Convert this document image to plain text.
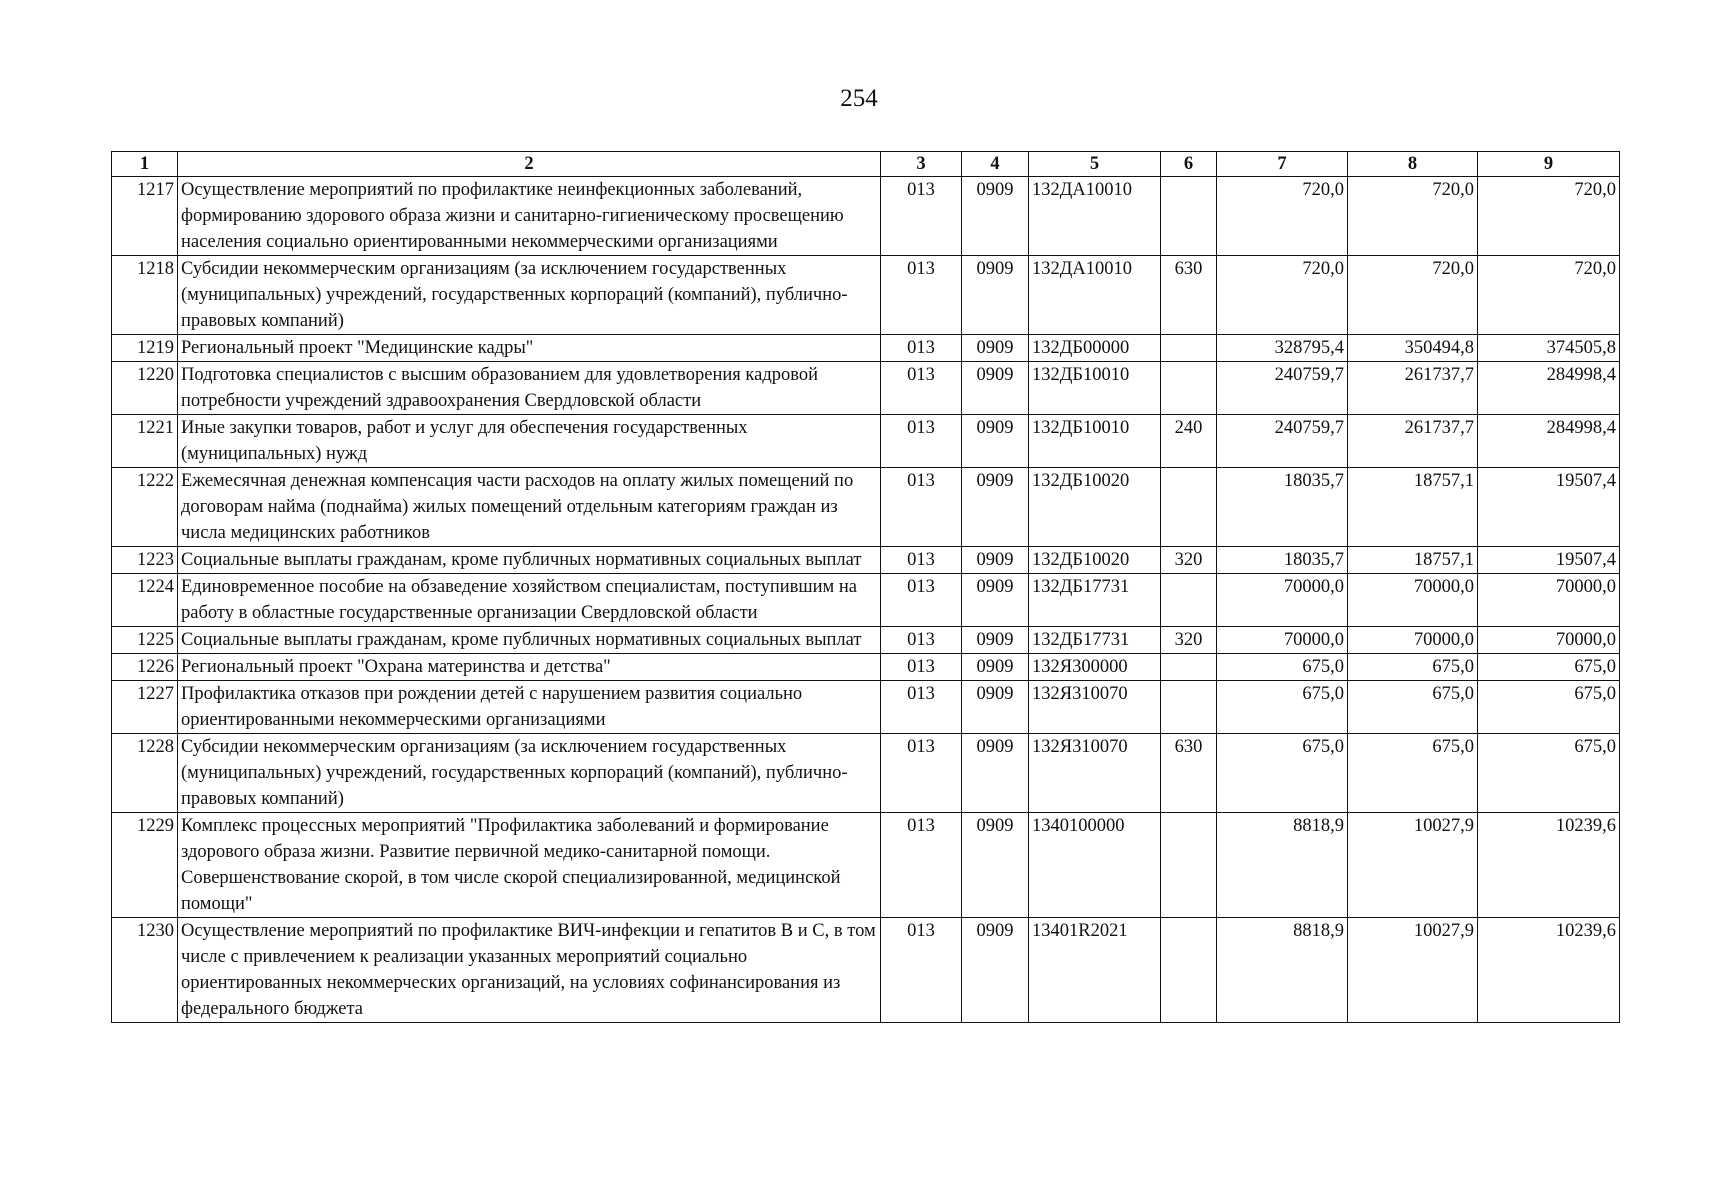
254
1	2	3	4	5	6	7	8	9
1217	Осуществление мероприятий по профилактике неинфекционных заболеваний, формированию здорового образа жизни и санитарно-гигиеническому просвещению населения социально ориентированными некоммерческими организациями	013	0909	132ДА10010		720,0	720,0	720,0
1218	Субсидии некоммерческим организациям (за исключением государственных (муниципальных) учреждений, государственных корпораций (компаний), публично-правовых компаний)	013	0909	132ДА10010	630	720,0	720,0	720,0
1219	Региональный проект "Медицинские кадры"	013	0909	132ДБ00000		328795,4	350494,8	374505,8
1220	Подготовка специалистов с высшим образованием для удовлетворения кадровой потребности учреждений здравоохранения Свердловской области	013	0909	132ДБ10010		240759,7	261737,7	284998,4
1221	Иные закупки товаров, работ и услуг для обеспечения государственных (муниципальных) нужд	013	0909	132ДБ10010	240	240759,7	261737,7	284998,4
1222	Ежемесячная денежная компенсация части расходов на оплату жилых помещений по договорам найма (поднайма) жилых помещений отдельным категориям граждан из числа медицинских работников	013	0909	132ДБ10020		18035,7	18757,1	19507,4
1223	Социальные выплаты гражданам, кроме публичных нормативных социальных выплат	013	0909	132ДБ10020	320	18035,7	18757,1	19507,4
1224	Единовременное пособие на обзаведение хозяйством специалистам, поступившим на работу в областные государственные организации Свердловской области	013	0909	132ДБ17731		70000,0	70000,0	70000,0
1225	Социальные выплаты гражданам, кроме публичных нормативных социальных выплат	013	0909	132ДБ17731	320	70000,0	70000,0	70000,0
1226	Региональный проект "Охрана материнства и детства"	013	0909	132Я300000		675,0	675,0	675,0
1227	Профилактика отказов при рождении детей с нарушением развития социально ориентированными некоммерческими организациями	013	0909	132Я310070		675,0	675,0	675,0
1228	Субсидии некоммерческим организациям (за исключением государственных (муниципальных) учреждений, государственных корпораций (компаний), публично-правовых компаний)	013	0909	132Я310070	630	675,0	675,0	675,0
1229	Комплекс процессных мероприятий "Профилактика заболеваний и формирование здорового образа жизни. Развитие первичной медико-санитарной помощи. Совершенствование скорой, в том числе скорой специализированной, медицинской помощи"	013	0909	1340100000		8818,9	10027,9	10239,6
1230	Осуществление мероприятий по профилактике ВИЧ-инфекции и гепатитов В и С, в том числе с привлечением к реализации указанных мероприятий социально ориентированных некоммерческих организаций, на условиях софинансирования из федерального бюджета	013	0909	13401R2021		8818,9	10027,9	10239,6
